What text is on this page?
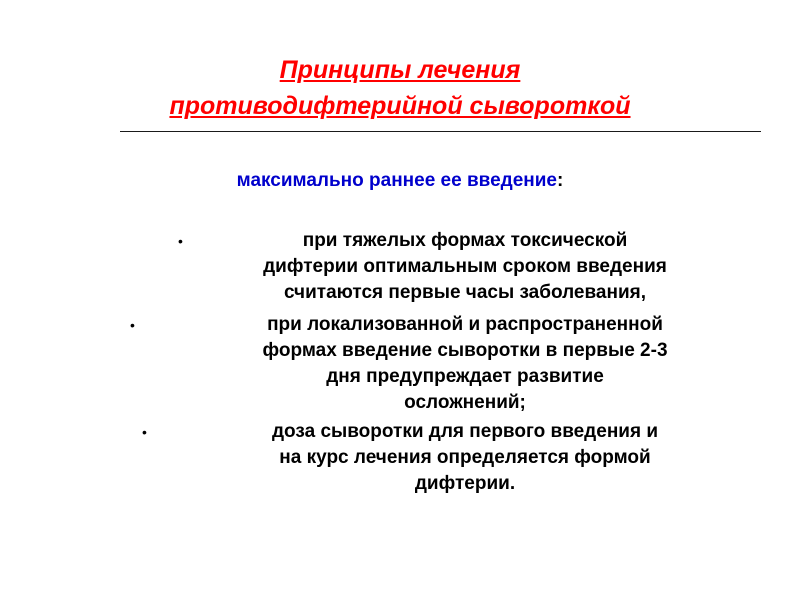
Принципы лечения
противодифтерийной сывороткой
максимально раннее ее введение:
•	при тяжелых формах токсической
дифтерии оптимальным сроком введения
считаются первые часы заболевания,
•	при локализованной и распространенной
формах введение сыворотки в первые 2-3
дня предупреждает развитие
осложнений;
•	доза сыворотки для первого введения и
на курс лечения определяется формой
дифтерии.
